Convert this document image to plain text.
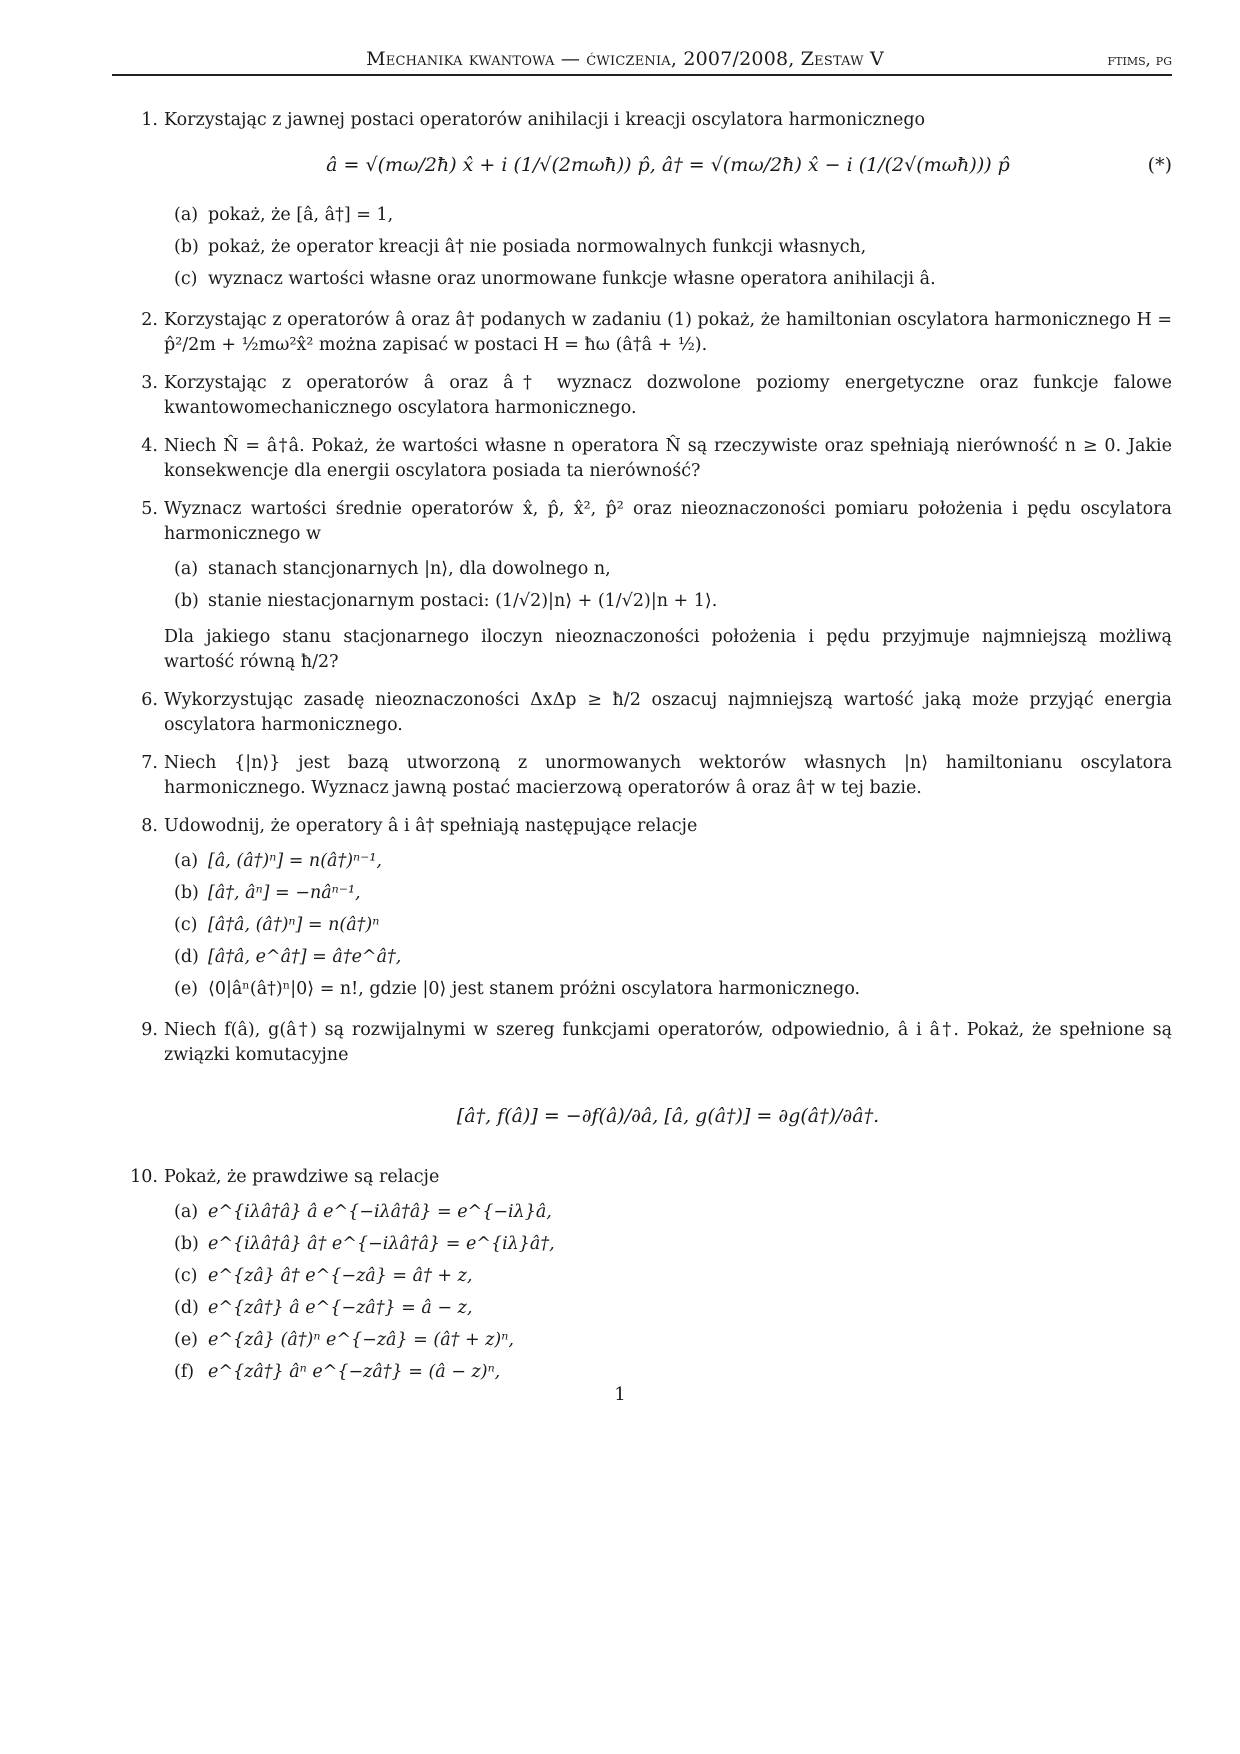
Mechanika kwantowa — ćwiczenia, 2007/2008, Zestaw V	ftims, pg
1. Korzystając z jawnej postaci operatorów anihilacji i kreacji oscylatora harmonicznego
â = √(mω/2ħ) x̂ + i (1/√(2mωħ)) p̂, â† = √(mω/2ħ) x̂ − i (1/(2√(mωħ))) p̂	(*)
(a) pokaż, że [â, â†] = 1,
(b) pokaż, że operator kreacji â† nie posiada normowalnych funkcji własnych,
(c) wyznacz wartości własne oraz unormowane funkcje własne operatora anihilacji â.
2. Korzystając z operatorów â oraz â† podanych w zadaniu (1) pokaż, że hamiltonian oscylatora harmonicznego H = p̂²/2m + ½mω²x̂² można zapisać w postaci H = ħω (â†â + ½).
3. Korzystając z operatorów â oraz â† wyznacz dozwolone poziomy energetyczne oraz funkcje falowe kwantowomechanicznego oscylatora harmonicznego.
4. Niech N̂ = â†â. Pokaż, że wartości własne n operatora N̂ są rzeczywiste oraz spełniają nierówność n ≥ 0. Jakie konsekwencje dla energii oscylatora posiada ta nierówność?
5. Wyznacz wartości średnie operatorów x̂, p̂, x̂², p̂² oraz nieoznaczoności pomiaru położenia i pędu oscylatora harmonicznego w
(a) stanach stancjonarnych |n⟩, dla dowolnego n,
(b) stanie niestacjonarnym postaci: (1/√2)|n⟩ + (1/√2)|n + 1⟩.
Dla jakiego stanu stacjonarnego iloczyn nieoznaczoności położenia i pędu przyjmuje najmniejszą możliwą wartość równą ħ/2?
6. Wykorzystując zasadę nieoznaczoności ΔxΔp ≥ ħ/2 oszacuj najmniejszą wartość jaką może przyjąć energia oscylatora harmonicznego.
7. Niech {|n⟩} jest bazą utworzoną z unormowanych wektorów własnych |n⟩ hamiltonianu oscylatora harmonicznego. Wyznacz jawną postać macierzową operatorów â oraz â† w tej bazie.
8. Udowodnij, że operatory â i â† spełniają następujące relacje
(a) [â, (â†)ⁿ] = n(â†)ⁿ⁻¹,
(b) [â†, âⁿ] = −nâⁿ⁻¹,
(c) [â†â, (â†)ⁿ] = n(â†)ⁿ
(d) [â†â, e^â†] = â†e^â†,
(e) ⟨0|âⁿ(â†)ⁿ|0⟩ = n!, gdzie |0⟩ jest stanem próżni oscylatora harmonicznego.
9. Niech f(â), g(â†) są rozwijalnymi w szereg funkcjami operatorów, odpowiednio, â i â†. Pokaż, że spełnione są związki komutacyjne
[â†, f(â)] = −∂f(â)/∂â, [â, g(â†)] = ∂g(â†)/∂â†.
10. Pokaż, że prawdziwe są relacje
(a) e^{iλâ†â} â e^{−iλâ†â} = e^{−iλ}â,
(b) e^{iλâ†â} â† e^{−iλâ†â} = e^{iλ}â†,
(c) e^{zâ} â† e^{−zâ} = â† + z,
(d) e^{zâ†} â e^{−zâ†} = â − z,
(e) e^{zâ} (â†)ⁿ e^{−zâ} = (â† + z)ⁿ,
(f) e^{zâ†} âⁿ e^{−zâ†} = (â − z)ⁿ,
1
